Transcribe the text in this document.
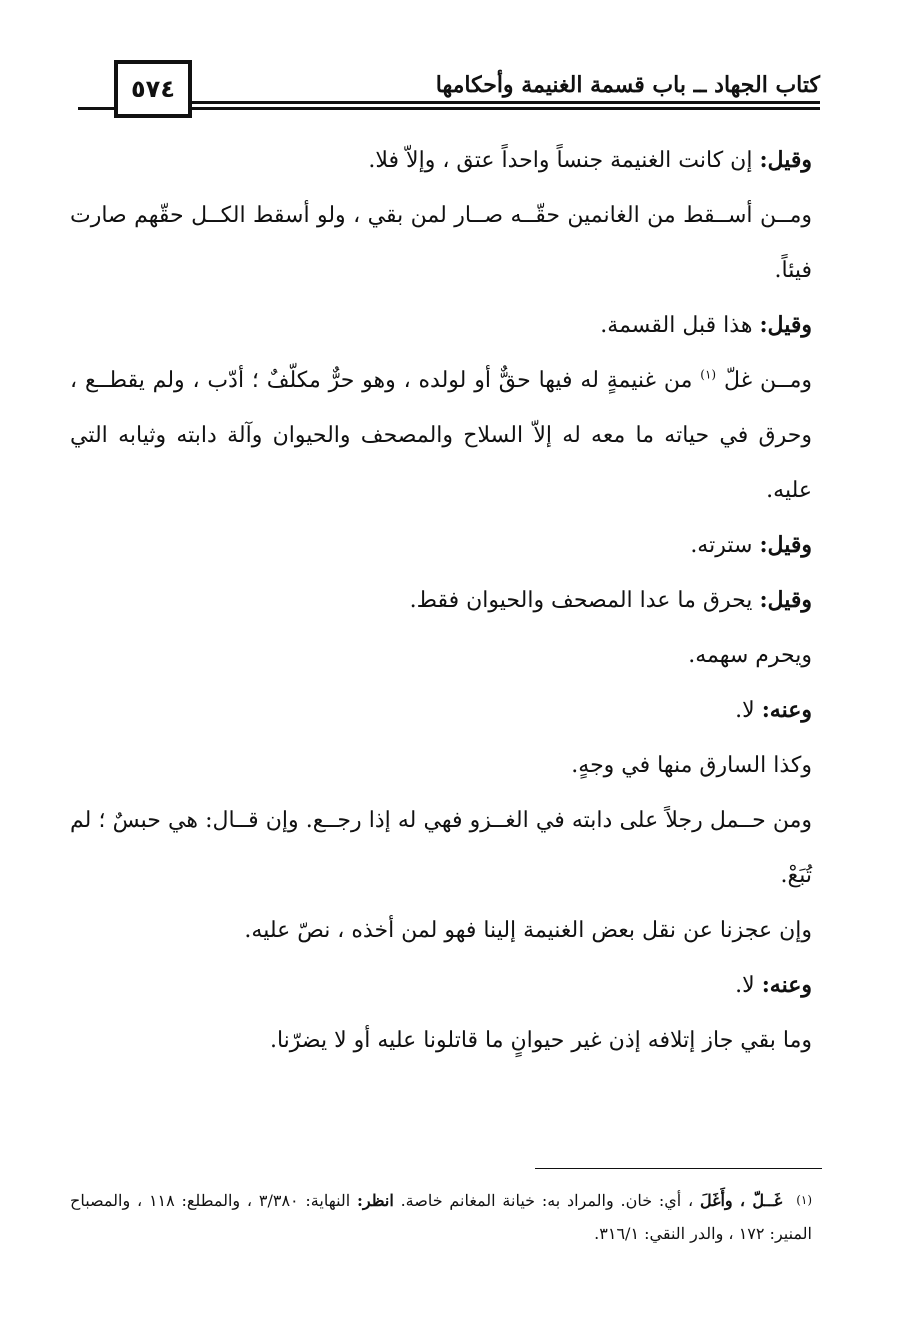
٥٧٤	كتاب الجهاد ــ باب قسمة الغنيمة وأحكامها

وقيل: إن كانت الغنيمة جنساً واحداً عتق ، وإلاّ فلا.

ومــن أســقط من الغانمين حقّــه صــار لمن بقي ، ولو أسقط الكــل حقّهم صارت فيئاً.

وقيل: هذا قبل القسمة.

ومــن غلّ $^{(١)}$ من غنيمةٍ له فيها حقٌّ أو لولده ، وهو حرٌّ مكلّفٌ ؛ أدّب ، ولم يقطــع ، وحرق في حياته ما معه له إلاّ السلاح والمصحف والحيوان وآلة دابته وثيابه التي عليه.

وقيل: سترته.

وقيل: يحرق ما عدا المصحف والحيوان فقط.

ويحرم سهمه.

وعنه: لا.

وكذا السارق منها في وجهٍ.

ومن حــمل رجلاً على دابته في الغــزو فهي له إذا رجــع. وإن قــال: هي حبسٌ ؛ لم تُبَعْ.

وإن عجزنا عن نقل بعض الغنيمة إلينا فهو لمن أخذه ، نصّ عليه.

وعنه: لا.

وما بقي جاز إتلافه إذن غير حيوانٍ ما قاتلونا عليه أو لا يضرّنا.

$^{(١)}$غَــلّ ، وأَغَلَ ، أي: خان. والمراد به: خيانة المغانم خاصة. انظر: النهاية: ٣/٣٨٠ ، والمطلع: ١١٨ ، والمصباح المنير: ١٧٢ ، والدر النقي: ٣١٦/١.
